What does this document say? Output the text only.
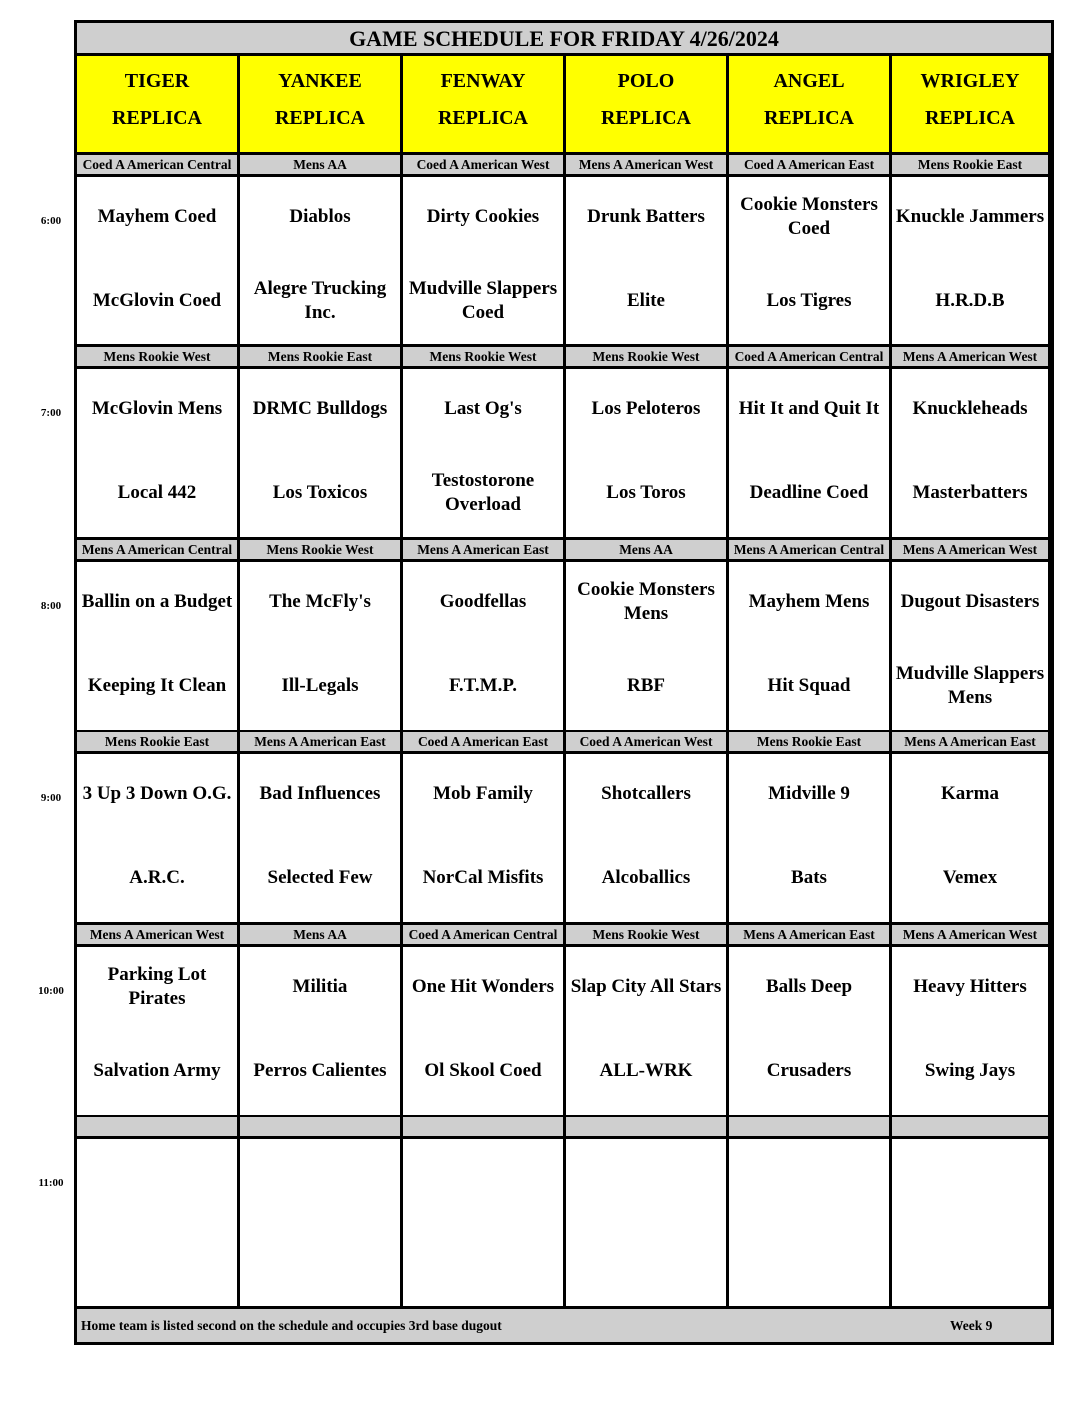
GAME SCHEDULE FOR FRIDAY 4/26/2024
Home team is listed second on the schedule and occupies 3rd base dugout	Week 9
TIGER
REPLICA
YANKEE
REPLICA
FENWAY
REPLICA
POLO
REPLICA
ANGEL
REPLICA
WRIGLEY
REPLICA
Coed A American Central
Mayhem Coed
McGlovin Coed
Mens AA
Diablos
Alegre Trucking Inc.
Coed A American West
Dirty Cookies
Mudville Slappers Coed
Mens A American West
Drunk Batters
Elite
Coed A American East
Cookie Monsters Coed
Los Tigres
Mens Rookie East
Knuckle Jammers
H.R.D.B
Mens Rookie West
McGlovin Mens
Local 442
Mens Rookie East
DRMC Bulldogs
Los Toxicos
Mens Rookie West
Last Og's
Testostorone Overload
Mens Rookie West
Los Peloteros
Los Toros
Coed A American Central
Hit It and Quit It
Deadline Coed
Mens A American West
Knuckleheads
Masterbatters
Mens A American Central
Ballin on a Budget
Keeping It Clean
Mens Rookie West
The McFly's
Ill-Legals
Mens A American East
Goodfellas
F.T.M.P.
Mens AA
Cookie Monsters Mens
RBF
Mens A American Central
Mayhem Mens
Hit Squad
Mens A American West
Dugout Disasters
Mudville Slappers Mens
Mens Rookie East
3 Up 3 Down O.G.
A.R.C.
Mens A American East
Bad Influences
Selected Few
Coed A American East
Mob Family
NorCal Misfits
Coed A American West
Shotcallers
Alcoballics
Mens Rookie East
Midville 9
Bats
Mens A American East
Karma
Vemex
Mens A American West
Parking Lot Pirates
Salvation Army
Mens AA
Militia
Perros Calientes
Coed A American Central
One Hit Wonders
Ol Skool Coed
Mens Rookie West
Slap City All Stars
ALL-WRK
Mens A American East
Balls Deep
Crusaders
Mens A American West
Heavy Hitters
Swing Jays
6:00
7:00
8:00
9:00
10:00
11:00
